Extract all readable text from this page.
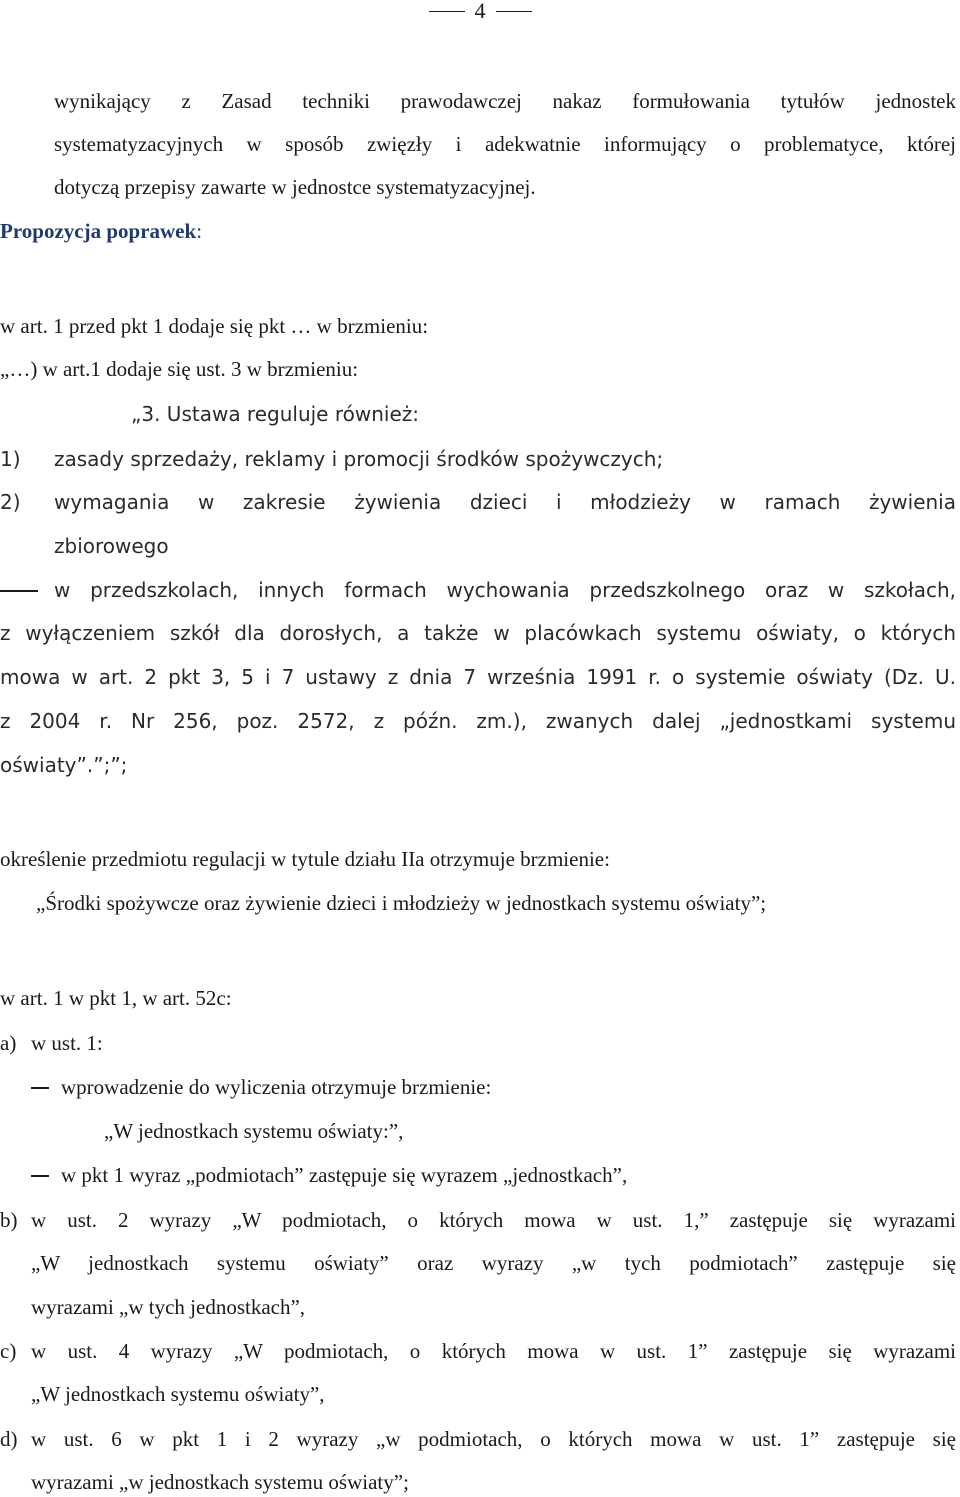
4
wynikający z Zasad techniki prawodawczej nakaz formułowania tytułów jednostek
systematyzacyjnych w sposób zwięzły i adekwatnie informujący o problematyce, której
dotyczą przepisy zawarte w jednostce systematyzacyjnej.
Propozycja poprawek:
w art. 1 przed pkt 1 dodaje się pkt … w brzmieniu:
„…) w art.1 dodaje się ust. 3 w brzmieniu:
„3. Ustawa reguluje również:
1) zasady sprzedaży, reklamy i promocji środków spożywczych;
2) wymagania w zakresie żywienia dzieci i młodzieży w ramach żywienia
zbiorowego
w przedszkolach, innych formach wychowania przedszkolnego oraz w szkołach,
z wyłączeniem szkół dla dorosłych, a także w placówkach systemu oświaty, o których
mowa w art. 2 pkt 3, 5 i 7 ustawy z dnia 7 września 1991 r. o systemie oświaty (Dz. U.
z 2004 r. Nr 256, poz. 2572, z późn. zm.), zwanych dalej „jednostkami systemu
oświaty”.”;”;
określenie przedmiotu regulacji w tytule działu IIa otrzymuje brzmienie:
„Środki spożywcze oraz żywienie dzieci i młodzieży w jednostkach systemu oświaty”;
w art. 1 w pkt 1, w art. 52c:
a) w ust. 1:
wprowadzenie do wyliczenia otrzymuje brzmienie:
„W jednostkach systemu oświaty:”,
w pkt 1 wyraz „podmiotach” zastępuje się wyrazem „jednostkach”,
b) w ust. 2 wyrazy „W podmiotach, o których mowa w ust. 1,” zastępuje się wyrazami
„W jednostkach systemu oświaty” oraz wyrazy „w tych podmiotach” zastępuje się
wyrazami „w tych jednostkach”,
c) w ust. 4 wyrazy „W podmiotach, o których mowa w ust. 1” zastępuje się wyrazami
„W jednostkach systemu oświaty”,
d) w ust. 6 w pkt 1 i 2 wyrazy „w podmiotach, o których mowa w ust. 1” zastępuje się
wyrazami „w jednostkach systemu oświaty”;
